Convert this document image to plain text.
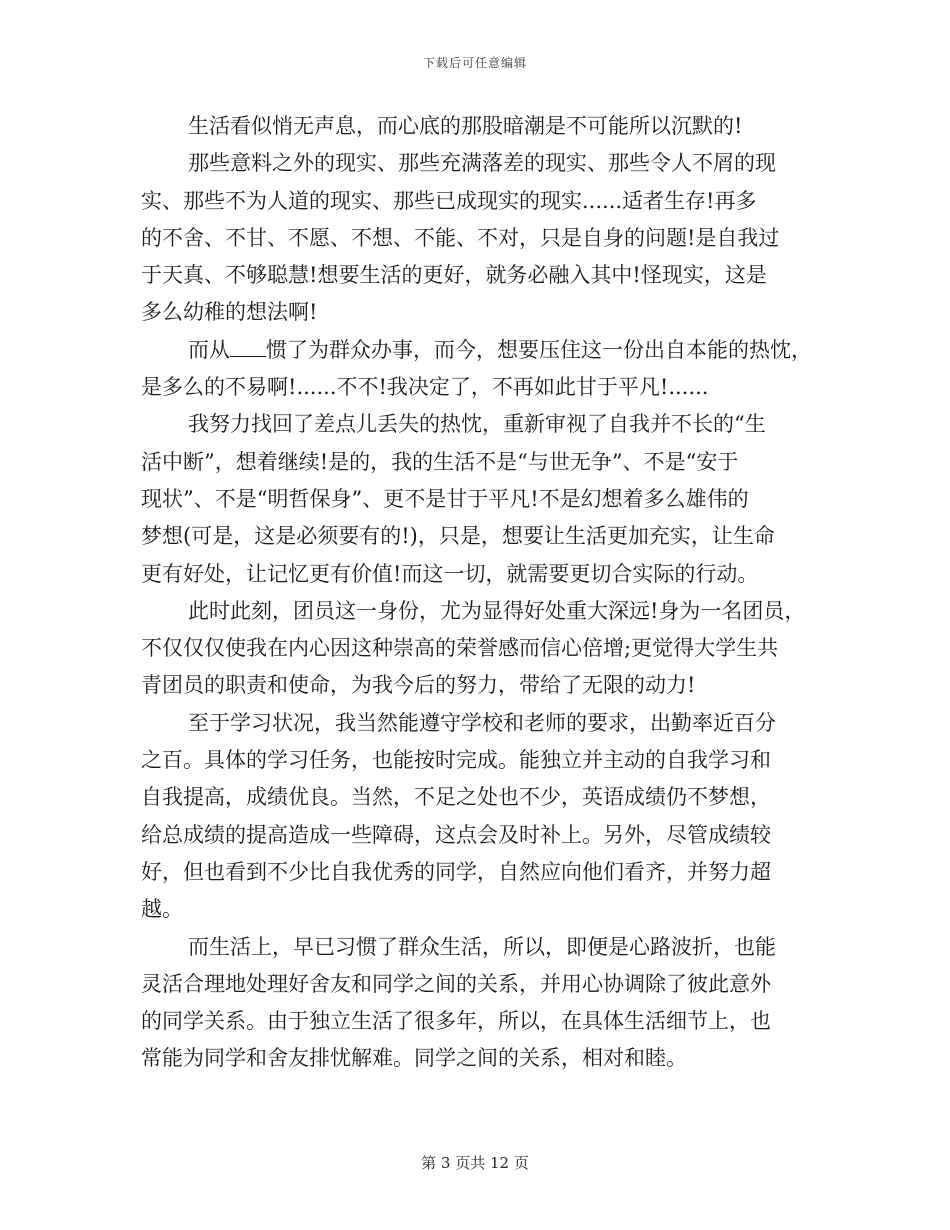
下载后可任意编辑
生活看似悄无声息，而心底的那股暗潮是不可能所以沉默的!
那些意料之外的现实、那些充满落差的现实、那些令人不屑的现
实、那些不为人道的现实、那些已成现实的现实......适者生存!再多
的不舍、不甘、不愿、不想、不能、不对，只是自身的问题!是自我过
于天真、不够聪慧!想要生活的更好，就务必融入其中!怪现实，这是
多么幼稚的想法啊!
而从 惯了为群众办事，而今，想要压住这一份出自本能的热忱，
是多么的不易啊!......不不!我决定了，不再如此甘于平凡!......
我努力找回了差点儿丢失的热忱，重新审视了自我并不长的“生
活中断”，想着继续!是的，我的生活不是“与世无争”、不是“安于
现状”、不是“明哲保身”、更不是甘于平凡!不是幻想着多么雄伟的
梦想(可是，这是必须要有的!)，只是，想要让生活更加充实，让生命
更有好处，让记忆更有价值!而这一切，就需要更切合实际的行动。
此时此刻，团员这一身份，尤为显得好处重大深远!身为一名团员，
不仅仅仅使我在内心因这种崇高的荣誉感而信心倍增;更觉得大学生共
青团员的职责和使命，为我今后的努力，带给了无限的动力!
至于学习状况，我当然能遵守学校和老师的要求，出勤率近百分
之百。具体的学习任务，也能按时完成。能独立并主动的自我学习和
自我提高，成绩优良。当然，不足之处也不少，英语成绩仍不梦想，
给总成绩的提高造成一些障碍，这点会及时补上。另外，尽管成绩较
好，但也看到不少比自我优秀的同学，自然应向他们看齐，并努力超
越。
而生活上，早已习惯了群众生活，所以，即便是心路波折，也能
灵活合理地处理好舍友和同学之间的关系，并用心协调除了彼此意外
的同学关系。由于独立生活了很多年，所以，在具体生活细节上，也
常能为同学和舍友排忧解难。同学之间的关系，相对和睦。
第 3 页共 12 页
